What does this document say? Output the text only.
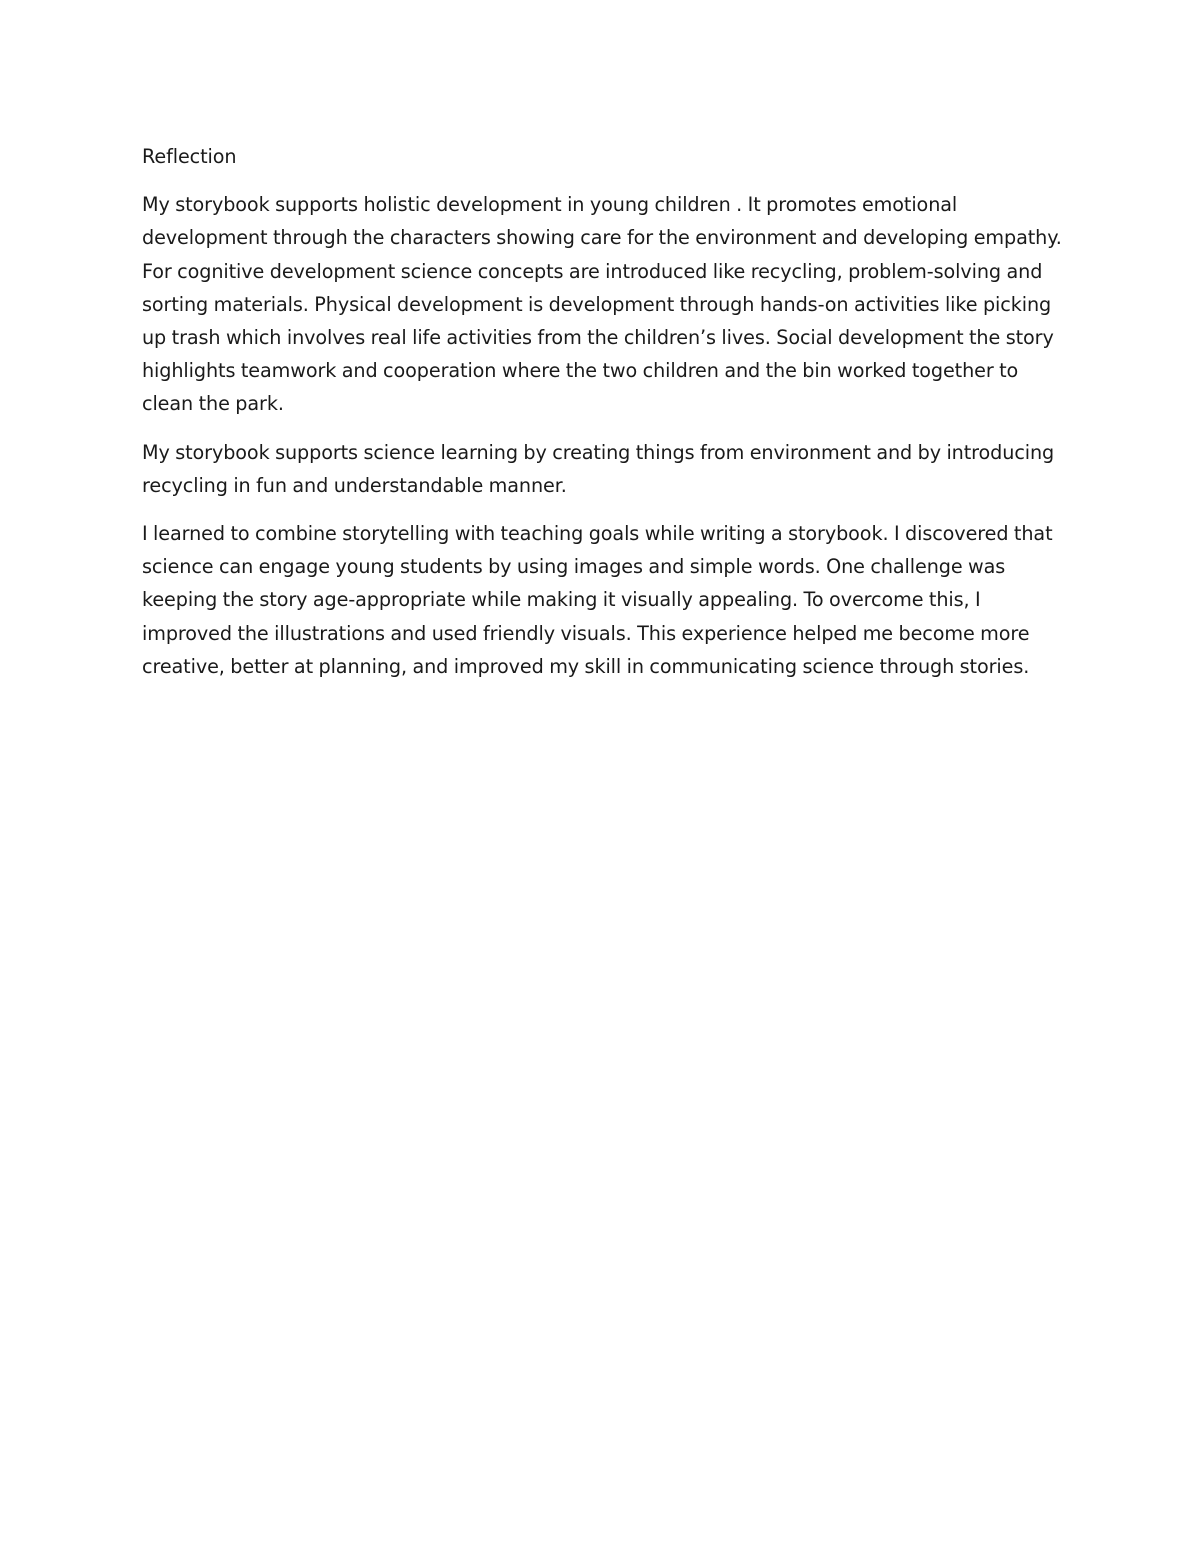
Reflection

My storybook supports holistic development in young children . It promotes emotional development through the characters showing care for the environment and developing empathy. For cognitive development science concepts are introduced like recycling, problem-solving and sorting materials. Physical development is development through hands-on activities like picking up trash which involves real life activities from the children’s lives. Social development the story highlights teamwork and cooperation where the two children and the bin worked together to clean the park.

My storybook supports science learning by creating things from environment and by introducing recycling in fun and understandable manner.

I learned to combine storytelling with teaching goals while writing a storybook. I discovered that science can engage young students by using images and simple words. One challenge was keeping the story age-appropriate while making it visually appealing. To overcome this, I improved the illustrations and used friendly visuals. This experience helped me become more creative, better at planning, and improved my skill in communicating science through stories.
